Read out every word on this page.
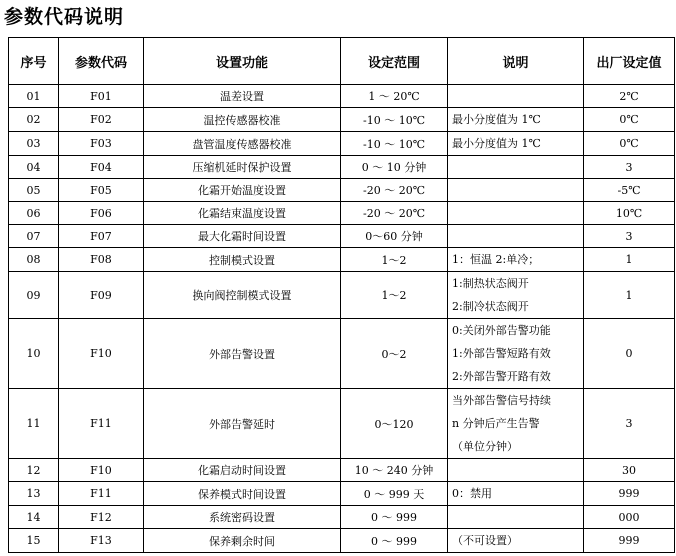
参数代码说明
序号	参数代码	设置功能	设定范围	说明	出厂设定值
01	F01	温差设置	1 ～ 20℃		2℃
02	F02	温控传感器校准	-10 ～ 10℃	最小分度值为 1℃	0℃
03	F03	盘管温度传感器校准	-10 ～ 10℃	最小分度值为 1℃	0℃
04	F04	压缩机延时保护设置	0 ～ 10 分钟		3
05	F05	化霜开始温度设置	-20 ～ 20℃		-5℃
06	F06	化霜结束温度设置	-20 ～ 20℃		10℃
07	F07	最大化霜时间设置	0～60 分钟		3
08	F08	控制模式设置	1～2	1：恒温 2:单冷；	1
09	F09	换向阀控制模式设置	1～2	1:制热状态阀开
2:制冷状态阀开	1
10	F10	外部告警设置	0～2	0:关闭外部告警功能
1:外部告警短路有效
2:外部告警开路有效	0
11	F11	外部告警延时	0～120	当外部告警信号持续
n 分钟后产生告警
（单位分钟）	3
12	F10	化霜启动时间设置	10 ～ 240 分钟		30
13	F11	保养模式时间设置	0 ～ 999 天	0：禁用	999
14	F12	系统密码设置	0 ～ 999		000
15	F13	保养剩余时间	0 ～ 999	（不可设置）	999
